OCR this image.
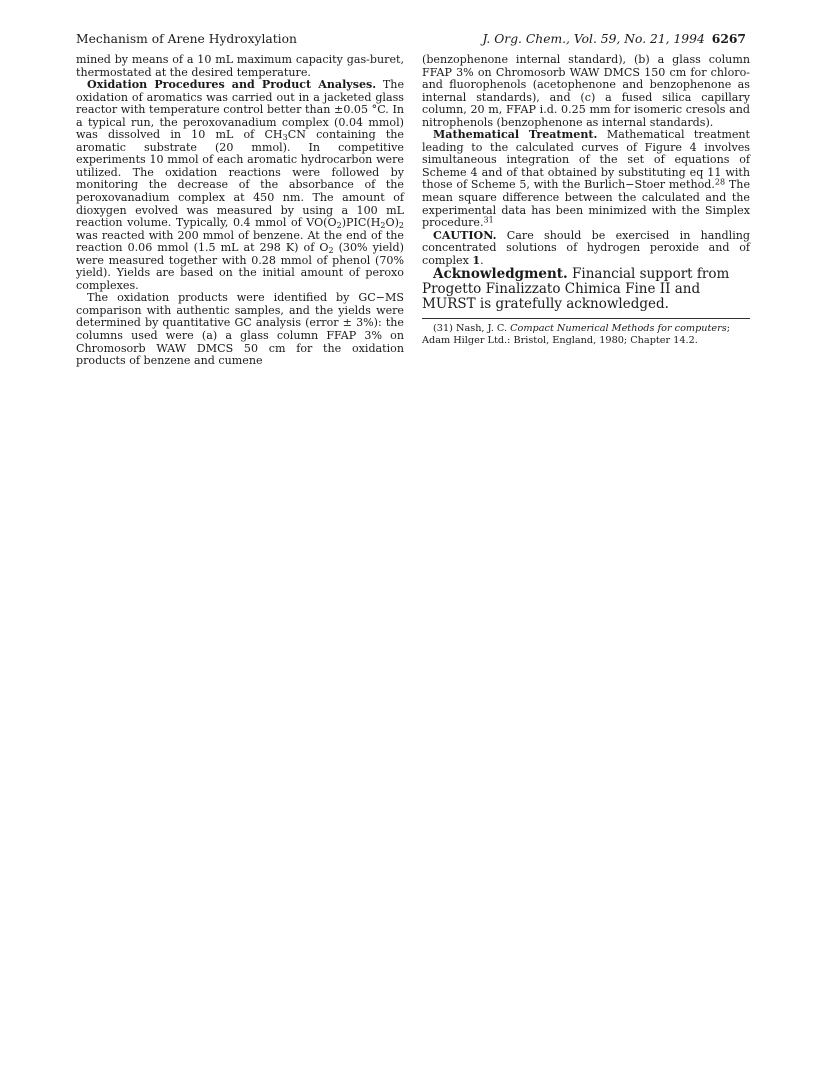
Mechanism of Arene Hydroxylation	J. Org. Chem., Vol. 59, No. 21, 1994 6267

mined by means of a 10 mL maximum capacity gas-buret, thermostated at the desired temperature.

Oxidation Procedures and Product Analyses. The oxidation of aromatics was carried out in a jacketed glass reactor with temperature control better than ±0.05 °C. In a typical run, the peroxovanadium complex (0.04 mmol) was dissolved in 10 mL of $CH_3CN$ containing the aromatic substrate (20 mmol). In competitive experiments 10 mmol of each aromatic hydrocarbon were utilized. The oxidation reactions were followed by monitoring the decrease of the absorbance of the peroxovanadium complex at 450 nm. The amount of dioxygen evolved was measured by using a 100 mL reaction volume. Typically, 0.4 mmol of $VO(O_2)PIC(H_2O)_2$ was reacted with 200 mmol of benzene. At the end of the reaction 0.06 mmol (1.5 mL at 298 K) of $O_2$ (30% yield) were measured together with 0.28 mmol of phenol (70% yield). Yields are based on the initial amount of peroxo complexes.

The oxidation products were identified by GC−MS comparison with authentic samples, and the yields were determined by quantitative GC analysis (error ± 3%): the columns used were (a) a glass column FFAP 3% on Chromosorb WAW DMCS 50 cm for the oxidation products of benzene and cumene

(benzophenone internal standard), (b) a glass column FFAP 3% on Chromosorb WAW DMCS 150 cm for chloro- and fluorophenols (acetophenone and benzophenone as internal standards), and (c) a fused silica capillary column, 20 m, FFAP i.d. 0.25 mm for isomeric cresols and nitrophenols (benzophenone as internal standards).

Mathematical Treatment. Mathematical treatment leading to the calculated curves of Figure 4 involves simultaneous integration of the set of equations of Scheme 4 and of that obtained by substituting eq 11 with those of Scheme 5, with the Burlich−Stoer method.$^{28}$ The mean square difference between the calculated and the experimental data has been minimized with the Simplex procedure.$^{31}$

CAUTION. Care should be exercised in handling concentrated solutions of hydrogen peroxide and of complex 1.

Acknowledgment. Financial support from Progetto Finalizzato Chimica Fine II and MURST is gratefully acknowledged.

(31) Nash, J. C. Compact Numerical Methods for computers; Adam Hilger Ltd.: Bristol, England, 1980; Chapter 14.2.
